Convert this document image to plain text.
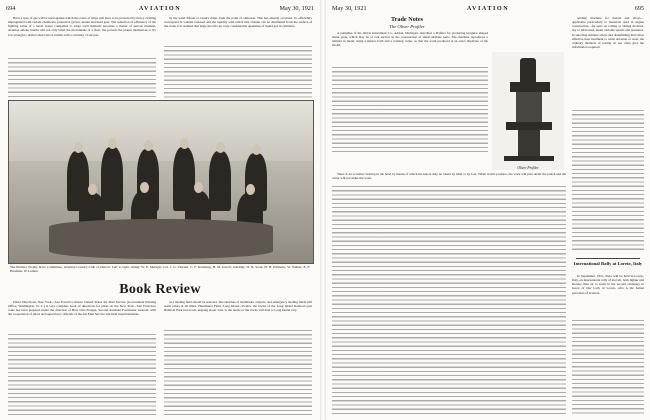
694	AVIATION	May 30, 1921

Have a type of gas will be used against which the crews of ships will have to be protected by heavy clothing impregnated with certain chemicals, protective gloves, masks and head gear. The reduction of efficiency of the fighting value of a naval vessel compelled to adopt such methods becomes a matter of serious moment. Aviation smoke bombs will not only blind the movements of a fleet, but prevent the planes themselves to fly low enough to deliver their rain of bombs with a certainty of success.

by the wind fifteen or twenty miles from the point of emission. This has already occurred. To efficiently correspond in volume released and the rapidity with which this volume can be distributed from the surface of the water it is realized that large aircraft can carry considerable quantities of liquid gas in cylinders.

The Pulitzer Trophy Race Committee, Aviation Country Club of Detroit. Left to right, sitting: W. E. Metzger, Col. J. G. Vincent, C. F. Kettering, H. M. Jewett; standing: W. B. Stout, H. H. Emmons, W. Walker, E. F. Hawkins, W. Lemon
Book Review

Pilots' Directions, New York—San Francisco Route. United States Air Mail Service (Government Printing Office, Washington, D. C.) A very complete book of directions for pilots on the New York—San Francisco route has been prepared under the direction of Hon. Otto Praeger, Second Assistant Postmaster General, with the cooperation of pilots and supervisory officials of the Air Mail Service and field superintendents.

as a landing field should be selected. The sketches of landmarks, airports, and emergency landing fields will assist pilots at all times. Hazelhurst Field, Long Island—Follow the tracks of the Long Island Railroad past Belmont Park race track, keeping about 3 mi. to the north; or the tracks will lead to Long Island City.

May 30, 1921	AVIATION	695
Trade Notes
The Oliver Profiler

A pamphlet of the Oliver Instrument Co., Adrian, Michigan, describes a Profiler for producing irregular shaped metal parts, which may be of real service in the construction of small airplane parts. The machine reproduces a templet in metal, using a master form and a rotating cutter, so that the work produced is an exact duplicate of the model.

Oliver Profiler

There is an eccentric bearing in the head by means of which the knock may be raised by hand or by foot. When in this position, the work will pass under the punch and the cutter will not strike the work.

tending machine for metals and alloys—applicable particularly to materials used in engine construction—for tests on rolling or sliding motions, dry or lubricated, under variable speeds and pressures. In selecting suitable alloys and determining their most effective heat treatment to resist abrasion or wear, the ordinary methods of testing do not often give the information required.

International Rally at Loreto, Italy

In September, 1921, there will be held in Loreto, Italy, an international rally of aircraft, both lighter and heavier than air to assist in the second centenary in honor of Our Lady of Loreto, who is the Italian patroness of aviators.
